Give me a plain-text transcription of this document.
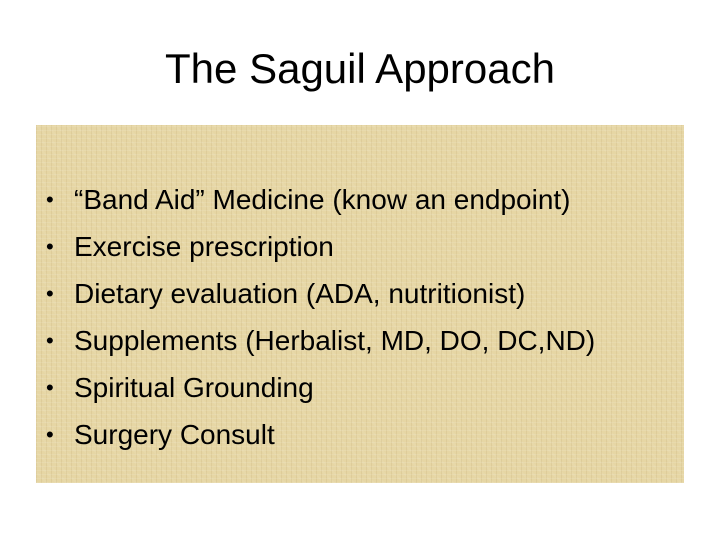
The Saguil Approach
• “Band Aid” Medicine (know an endpoint)
• Exercise prescription
• Dietary evaluation (ADA, nutritionist)
• Supplements (Herbalist, MD, DO, DC,ND)
• Spiritual Grounding
• Surgery Consult
